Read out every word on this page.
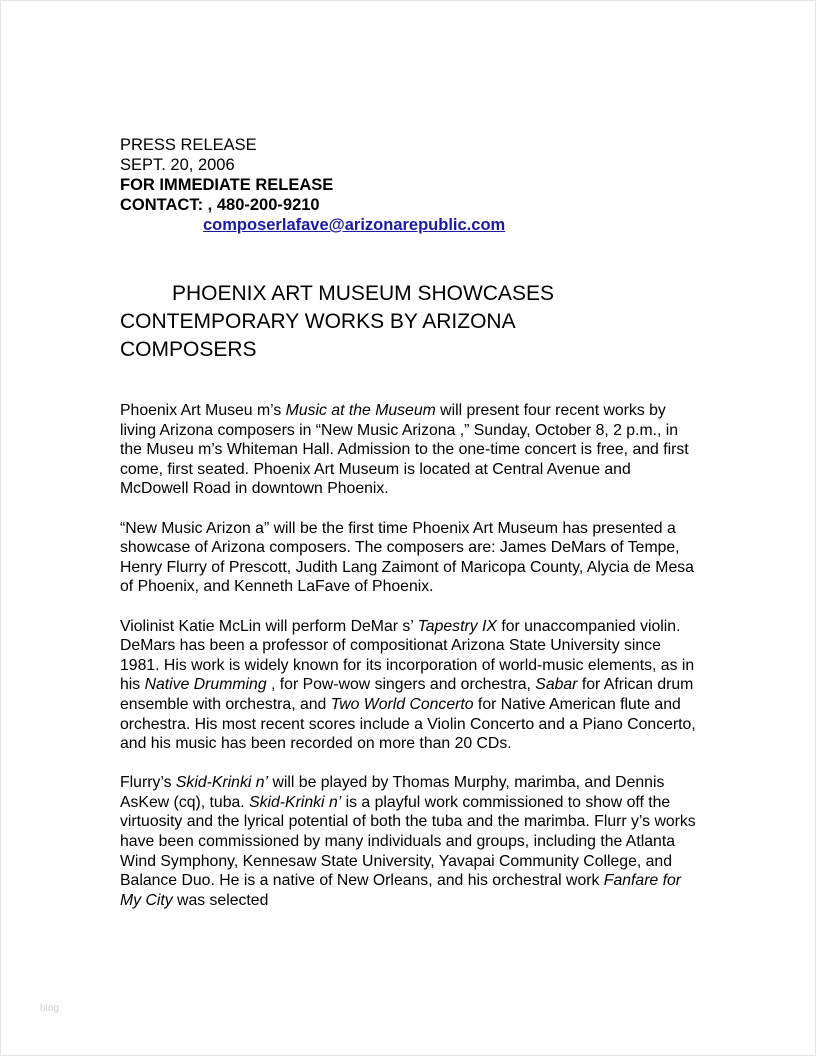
PRESS RELEASE
SEPT. 20, 2006
FOR IMMEDIATE RELEASE
CONTACT: , 480-200-9210
composerlafave@arizonarepublic.com
PHOENIX ART MUSEUM SHOWCASES
CONTEMPORARY WORKS BY ARIZONA
COMPOSERS

Phoenix Art Museu m’s Music at the Museum will present four recent works by living Arizona composers in “New Music Arizona ,” Sunday, October 8, 2 p.m., in the Museu m’s Whiteman Hall. Admission to the one-time concert is free, and first come, first seated. Phoenix Art Museum is located at Central Avenue and McDowell Road in downtown Phoenix.

“New Music Arizon a” will be the first time Phoenix Art Museum has presented a showcase of Arizona composers. The composers are: James DeMars of Tempe, Henry Flurry of Prescott, Judith Lang Zaimont of Maricopa County, Alycia de Mesa of Phoenix, and Kenneth LaFave of Phoenix.

Violinist Katie McLin will perform DeMar s’ Tapestry IX for unaccompanied violin. DeMars has been a professor of compositionat Arizona State University since 1981. His work is widely known for its incorporation of world-music elements, as in his Native Drumming , for Pow-wow singers and orchestra, Sabar for African drum ensemble with orchestra, and Two World Concerto for Native American flute and orchestra. His most recent scores include a Violin Concerto and a Piano Concerto, and his music has been recorded on more than 20 CDs.

Flurry’s Skid-Krinki n’ will be played by Thomas Murphy, marimba, and Dennis AsKew (cq), tuba. Skid-Krinki n’ is a playful work commissioned to show off the virtuosity and the lyrical potential of both the tuba and the marimba. Flurr y’s works have been commissioned by many individuals and groups, including the Atlanta Wind Symphony, Kennesaw State University, Yavapai Community College, and Balance Duo. He is a native of New Orleans, and his orchestral work Fanfare for My City was selected

blog
